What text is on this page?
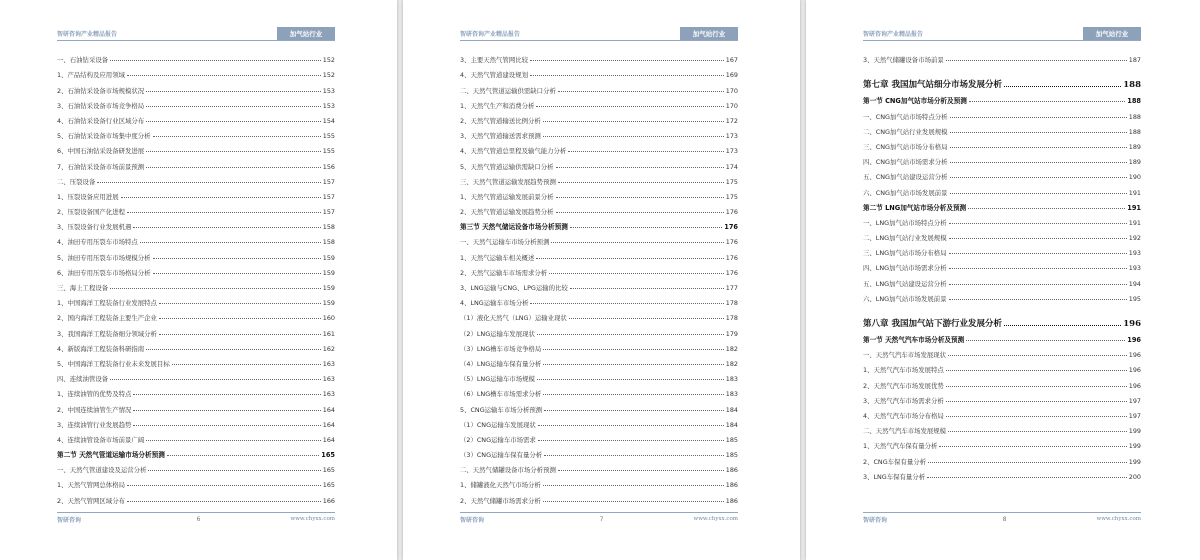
智研咨询产业精品报告	加气站行业
一、石油钻采设备	152
1、产品结构及应用领域	152
2、石油钻采设备市场规模状况	153
3、石油钻采设备市场竞争格局	153
4、石油钻采设备行业区域分布	154
5、石油钻采设备市场集中度分析	155
6、中国石油钻采设备研发进展	155
7、石油钻采设备市场前景预测	156
二、压裂设备	157
1、压裂设备应用进展	157
2、压裂设备国产化进程	157
3、压裂设备行业发展机遇	158
4、油田专用压裂车市场特点	158
5、油田专用压裂车市场规模分析	159
6、油田专用压裂车市场格局分析	159
三、海上工程设备	159
1、中国海洋工程装备行业发展特点	159
2、国内海洋工程装备主要生产企业	160
3、我国海洋工程装备细分领域分析	161
4、新版海洋工程装备科研指南	162
5、中国海洋工程装备行业未来发展目标	163
四、连续油管设备	163
1、连续油管的优势及特点	163
2、中国连续油管生产情况	164
3、连续油管行业发展趋势	164
4、连续油管设备市场前景广阔	164
第二节 天然气管道运输市场分析预测	165
一、天然气管道建设及运营分析	165
1、天然气管网总体格局	165
2、天然气管网区域分布	166
智研咨询	6	www.chyxx.com
智研咨询产业精品报告	加气站行业
3、主要天然气管网比较	167
4、天然气管道建设规划	169
二、天然气管道运输供需缺口分析	170
1、天然气生产和消费分析	170
2、天然气管道输送比例分析	172
3、天然气管道输送需求预测	173
4、天然气管道总里程及输气能力分析	173
5、天然气管道运输供需缺口分析	174
三、天然气管道运输发展趋势预测	175
1、天然气管道运输发展前景分析	175
2、天然气管道运输发展趋势分析	176
第三节 天然气储运设备市场分析预测	176
一、天然气运输车市场分析预测	176
1、天然气运输车相关概述	176
2、天然气运输车市场需求分析	176
3、LNG运输与CNG、LPG运输的比较	177
4、LNG运输车市场分析	178
（1）液化天然气（LNG）运输业现状	178
（2）LNG运输车发展现状	179
（3）LNG槽车市场竞争格局	182
（4）LNG运输车保有量分析	182
（5）LNG运输车市场规模	183
（6）LNG槽车市场需求分析	183
5、CNG运输车市场分析预测	184
（1）CNG运输车发展现状	184
（2）CNG运输车市场需求	185
（3）CNG运输车保有量分析	185
二、天然气储罐设备市场分析预测	186
1、储罐液化天然气市场分析	186
2、天然气储罐市场需求分析	186
智研咨询	7	www.chyxx.com
智研咨询产业精品报告	加气站行业
3、天然气储罐设备市场前景	187
第七章 我国加气站细分市场发展分析	188
第一节 CNG加气站市场分析及预测	188
一、CNG加气站市场特点分析	188
二、CNG加气站行业发展规模	188
三、CNG加气站市场分布格局	189
四、CNG加气站市场需求分析	189
五、CNG加气站建设运营分析	190
六、CNG加气站市场发展前景	191
第二节 LNG加气站市场分析及预测	191
一、LNG加气站市场特点分析	191
二、LNG加气站行业发展规模	192
三、LNG加气站市场分布格局	193
四、LNG加气站市场需求分析	193
五、LNG加气站建设运营分析	194
六、LNG加气站市场发展前景	195
第八章 我国加气站下游行业发展分析	196
第一节 天然气汽车市场分析及预测	196
一、天然气汽车市场发展现状	196
1、天然气汽车市场发展特点	196
2、天然气汽车市场发展优势	196
3、天然气汽车市场需求分析	197
4、天然气汽车市场分布格局	197
二、天然气汽车市场发展规模	199
1、天然气汽车保有量分析	199
2、CNG车保有量分析	199
3、LNG车保有量分析	200
智研咨询	8	www.chyxx.com
